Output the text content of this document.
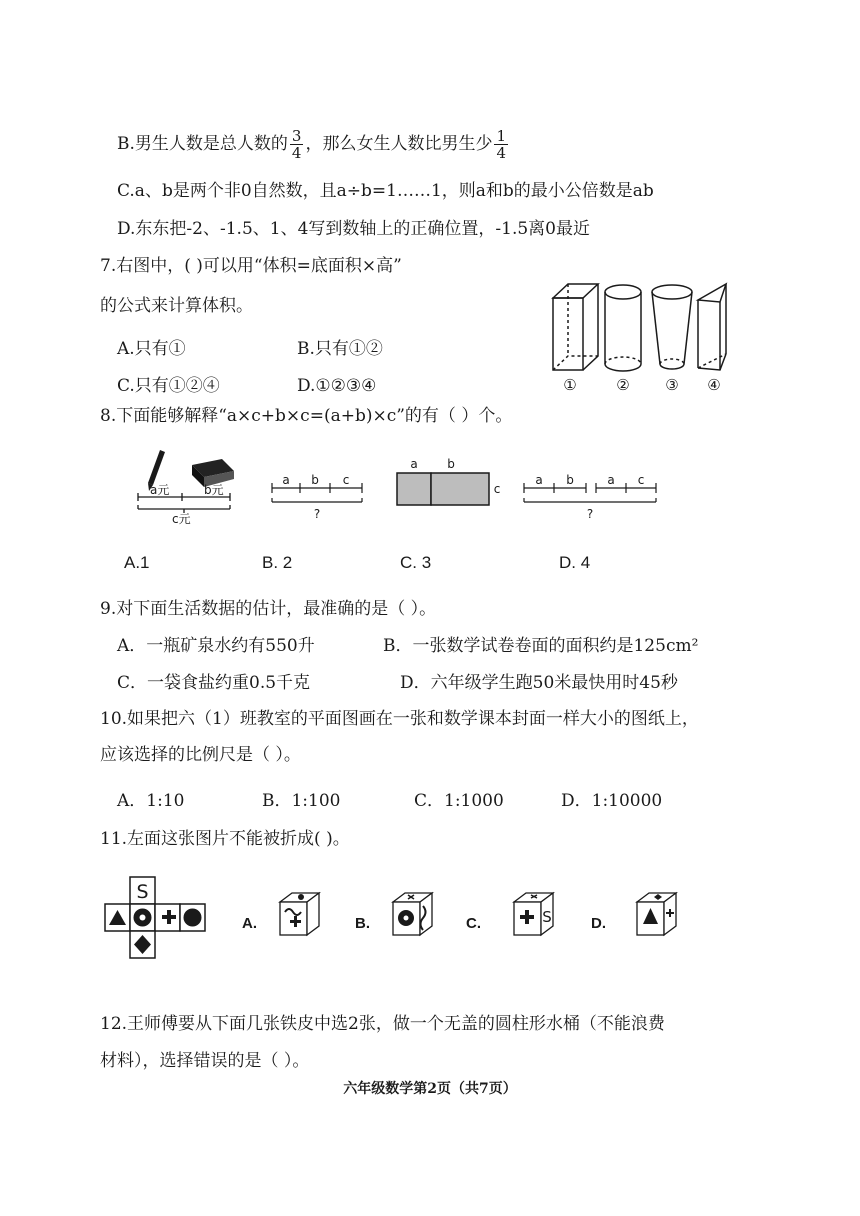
B.男生人数是总人数的 $\frac{3}{4}$ ，那么女生人数比男生少 $\frac{1}{4}$
C.a、b是两个非0自然数，且a÷b=1……1，则a和b的最小公倍数是ab
D.东东把-2、-1.5、1、4写到数轴上的正确位置，-1.5离0最近
7.右图中，( )可以用“体积=底面积×高”
的公式来计算体积。
A.只有①	B.只有①②
C.只有①②④	D.①②③④	①	② ③ ④
8.下面能够解释“a×c+b×c=(a+b)×c”的有（ ）个。
a元	b元
c元
a b c
?
a b
c
a b	a c
?
A.1	B. 2	C. 3	D. 4
9.对下面生活数据的估计，最准确的是（ ）。
A．一瓶矿泉水约有550升	B．一张数学试卷卷面的面积约是125cm²
C．一袋食盐约重0.5千克	D．六年级学生跑50米最快用时45秒
10.如果把六（1）班教室的平面图画在一张和数学课本封面一样大小的图纸上，
应该选择的比例尺是（ ）。
A．1:10	B．1:100	C．1:1000	D．1:10000
11.左面这张图片不能被折成( )。
S
A.	B.	C.	S	D.
12.王师傅要从下面几张铁皮中选2张，做一个无盖的圆柱形水桶（不能浪费
材料），选择错误的是（ ）。
六年级数学第2页（共7页）
